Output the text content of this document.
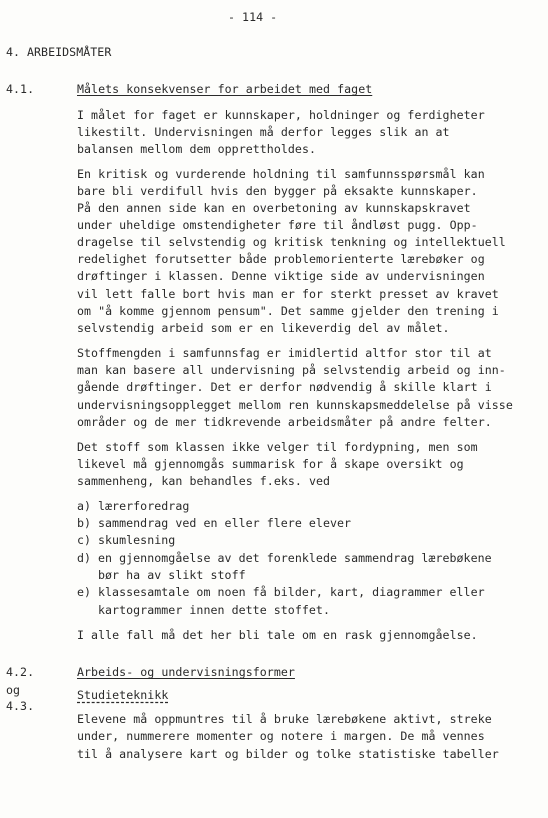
- 114 -
4. ARBEIDSMÅTER
4.1.	Målets konsekvenser for arbeidet med faget
I målet for faget er kunnskaper, holdninger og ferdigheter
likestilt. Undervisningen må derfor legges slik an at
balansen mellom dem opprettholdes.
En kritisk og vurderende holdning til samfunnsspørsmål kan
bare bli verdifull hvis den bygger på eksakte kunnskaper.
På den annen side kan en overbetoning av kunnskapskravet
under uheldige omstendigheter føre til åndløst pugg. Opp-
dragelse til selvstendig og kritisk tenkning og intellektuell
redelighet forutsetter både problemorienterte lærebøker og
drøftinger i klassen. Denne viktige side av undervisningen
vil lett falle bort hvis man er for sterkt presset av kravet
om "å komme gjennom pensum". Det samme gjelder den trening i
selvstendig arbeid som er en likeverdig del av målet.
Stoffmengden i samfunnsfag er imidlertid altfor stor til at
man kan basere all undervisning på selvstendig arbeid og inn-
gående drøftinger. Det er derfor nødvendig å skille klart i
undervisningsopplegget mellom ren kunnskapsmeddelelse på visse
områder og de mer tidkrevende arbeidsmåter på andre felter.
Det stoff som klassen ikke velger til fordypning, men som
likevel må gjennomgås summarisk for å skape oversikt og
sammenheng, kan behandles f.eks. ved
a) lærerforedrag
b) sammendrag ved en eller flere elever
c) skumlesning
d) en gjennomgåelse av det forenklede sammendrag lærebøkene
bør ha av slikt stoff
e) klassesamtale om noen få bilder, kart, diagrammer eller
kartogrammer innen dette stoffet.
I alle fall må det her bli tale om en rask gjennomgåelse.
4.2.	Arbeids- og undervisningsformer
og	Studieteknikk
4.3.
Elevene må oppmuntres til å bruke lærebøkene aktivt, streke
under, nummerere momenter og notere i margen. De må vennes
til å analysere kart og bilder og tolke statistiske tabeller
